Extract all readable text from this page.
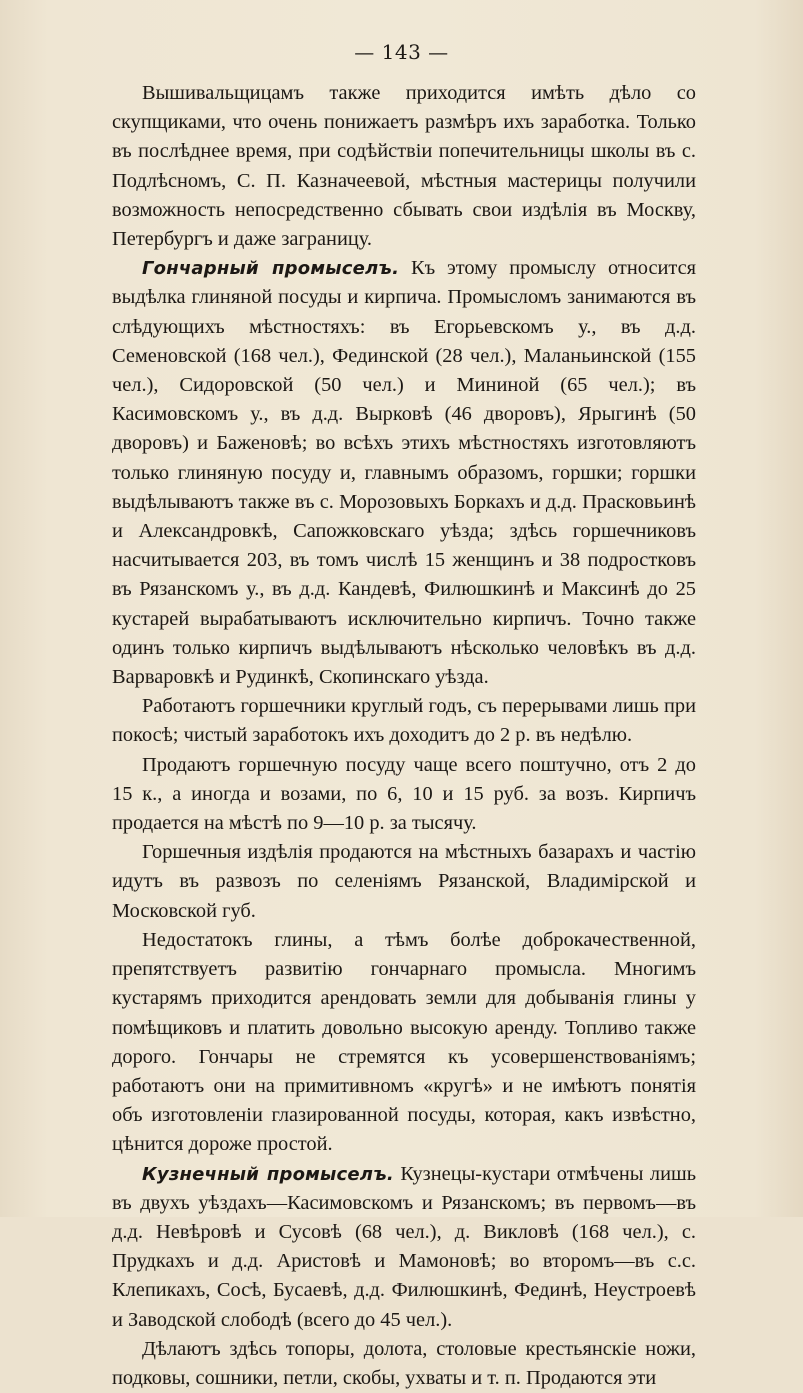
— 143 —

Вышивальщицамъ также приходится имѣть дѣло со скупщиками, что очень понижаетъ размѣръ ихъ заработка. Только въ послѣднее время, при содѣйствiи попечительницы школы въ с. Подлѣсномъ, С. П. Казначеевой, мѣстныя мастерицы получили возможность непосредственно сбывать свои издѣлiя въ Москву, Петербургъ и даже заграницу.

Гончарный промыселъ. Къ этому промыслу относится выдѣлка глиняной посуды и кирпича. Промысломъ занимаются въ слѣдующихъ мѣстностяхъ: въ Егорьевскомъ у., въ д.д. Семеновской (168 чел.), Фединской (28 чел.), Маланьинской (155 чел.), Сидоровской (50 чел.) и Мининой (65 чел.); въ Касимовскомъ у., въ д.д. Выpковѣ (46 дворовъ), Ярыгинѣ (50 дворовъ) и Баженовѣ; во всѣхъ этихъ мѣстностяхъ изготовляютъ только глиняную посуду и, главнымъ образомъ, горшки; горшки выдѣлываютъ также въ с. Морозовыхъ Боркахъ и д.д. Прасковьинѣ и Александровкѣ, Сапожковскаго уѣзда; здѣсь горшечниковъ насчитывается 203, въ томъ числѣ 15 женщинъ и 38 подростковъ въ Рязанскомъ у., въ д.д. Кандевѣ, Филюшкинѣ и Максинѣ до 25 кустарей вырабатываютъ исключительно кирпичъ. Точно также одинъ только кирпичъ выдѣлываютъ нѣсколько человѣкъ въ д.д. Варваровкѣ и Рудинкѣ, Скопинскаго уѣзда.

Работаютъ горшечники круглый годъ, съ перерывами лишь при покосѣ; чистый заработокъ ихъ доходитъ до 2 р. въ недѣлю.

Продаютъ горшечную посуду чаще всего поштучно, отъ 2 до 15 к., а иногда и возами, по 6, 10 и 15 руб. за возъ. Кирпичъ продается на мѣстѣ по 9—10 р. за тысячу.

Горшечныя издѣлiя продаются на мѣстныхъ базарахъ и частiю идутъ въ развозъ по селенiямъ Рязанской, Владимiрской и Московской губ.

Недостатокъ глины, а тѣмъ болѣе доброкачественной, препятствуетъ развитiю гончарнаго промысла. Многимъ кустарямъ приходится арендовать земли для добыванiя глины у помѣщиковъ и платить довольно высокую аренду. Топливо также дорого. Гончары не стремятся къ усовершенствованiямъ; работаютъ они на примитивномъ «кругѣ» и не имѣютъ понятiя объ изготовленiи глазированной посуды, которая, какъ извѣстно, цѣнится дороже простой.

Кузнечный промыселъ. Кузнецы-кустари отмѣчены лишь въ двухъ уѣздахъ—Касимовскомъ и Рязанскомъ; въ первомъ—въ д.д. Невѣровѣ и Сусовѣ (68 чел.), д. Викловѣ (168 чел.), с. Прудкахъ и д.д. Аристовѣ и Мамоновѣ; во второмъ—въ с.с. Клепикахъ, Сосѣ, Бусаевѣ, д.д. Филюшкинѣ, Фединѣ, Неустроевѣ и Заводской слободѣ (всего до 45 чел.).

Дѣлаютъ здѣсь топоры, долота, столовые крестьянскiе ножи, подковы, сошники, петли, скобы, ухваты и т. п. Продаются эти
